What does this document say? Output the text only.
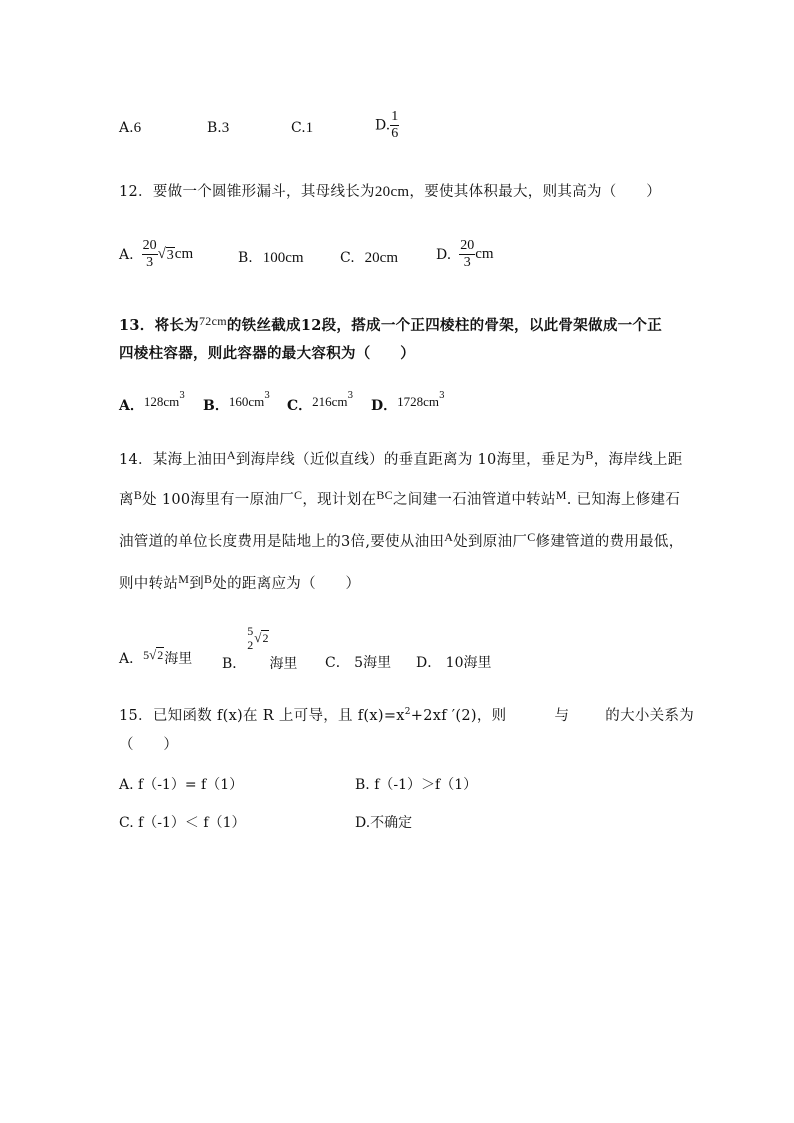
A.6	B.3	C.1	D. $\frac{1}{6}$
12．要做一个圆锥形漏斗，其母线长为20cm，要使其体积最大，则其高为（　　）
A. $\frac{20}{3}$ √ 3 cm	B. 100cm	C. 20cm	D. $\frac{20}{3}$ cm
13．将长为$^{72cm}$的铁丝截成12段，搭成一个正四棱柱的骨架，以此骨架做成一个正
四棱柱容器，则此容器的最大容积为（　　）
A．$128cm^3$
B．$160cm^3$
C．$216cm^3$
D．$1728cm^3$
14．某海上油田$^A$到海岸线（近似直线）的垂直距离为 10海里，垂足为$^B$，海岸线上距
离$^B$处 100海里有一原油厂$^C$，现计划在$^{BC}$之间建一石油管道中转站$^M$. 已知海上修建石
油管道的单位长度费用是陆地上的3倍,要使从油田$^A$处到原油厂$^C$修建管道的费用最低，
则中转站$^M$到$^B$处的距离应为（　　）
A．5 √ 2 海里 B．
5
2 √ 2
海里 C． 5海里 D． 10海里
15．已知函数 f(x)在 R 上可导，且 $f(x)=x^2+2xf$ ′(2)，则	与 的大小关系为
（　　）
A. f（-1）= f（1）	B. f（-1）＞f（1）
C. f（-1）＜ f（1）	D.不确定
